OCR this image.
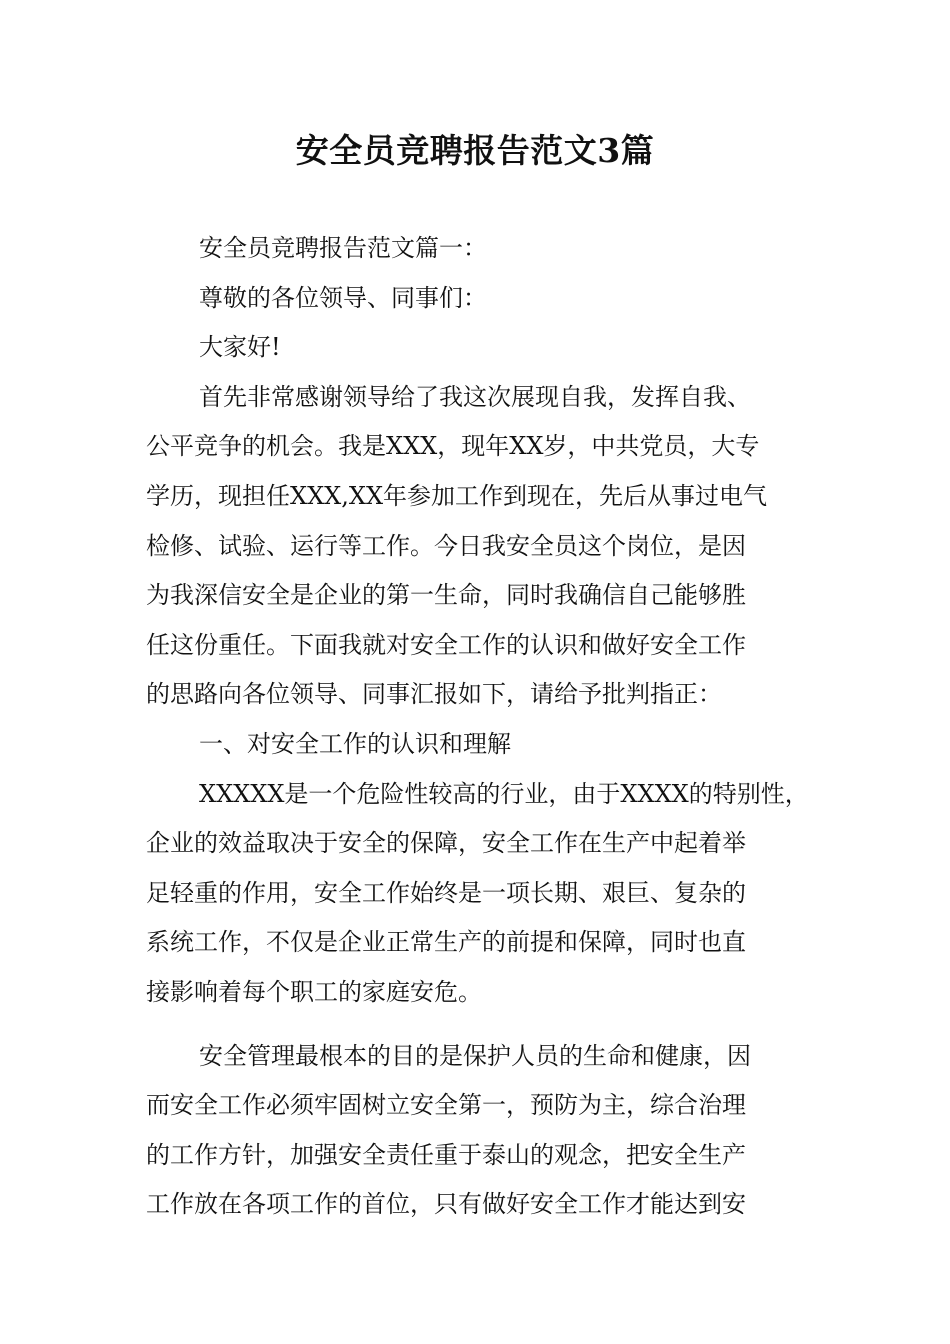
安全员竞聘报告范文3篇
安全员竞聘报告范文篇一：
尊敬的各位领导、同事们：
大家好!
首先非常感谢领导给了我这次展现自我，发挥自我、
公平竞争的机会。我是XXX，现年XX岁，中共党员，大专
学历，现担任XXX,XX年参加工作到现在，先后从事过电气
检修、试验、运行等工作。今日我安全员这个岗位，是因
为我深信安全是企业的第一生命，同时我确信自己能够胜
任这份重任。下面我就对安全工作的认识和做好安全工作
的思路向各位领导、同事汇报如下，请给予批判指正：
一、对安全工作的认识和理解
XXXXX是一个危险性较高的行业，由于XXXX的特别性，
企业的效益取决于安全的保障，安全工作在生产中起着举
足轻重的作用，安全工作始终是一项长期、艰巨、复杂的
系统工作，不仅是企业正常生产的前提和保障，同时也直
接影响着每个职工的家庭安危。
安全管理最根本的目的是保护人员的生命和健康，因
而安全工作必须牢固树立安全第一，预防为主，综合治理
的工作方针，加强安全责任重于泰山的观念，把安全生产
工作放在各项工作的首位，只有做好安全工作才能达到安
